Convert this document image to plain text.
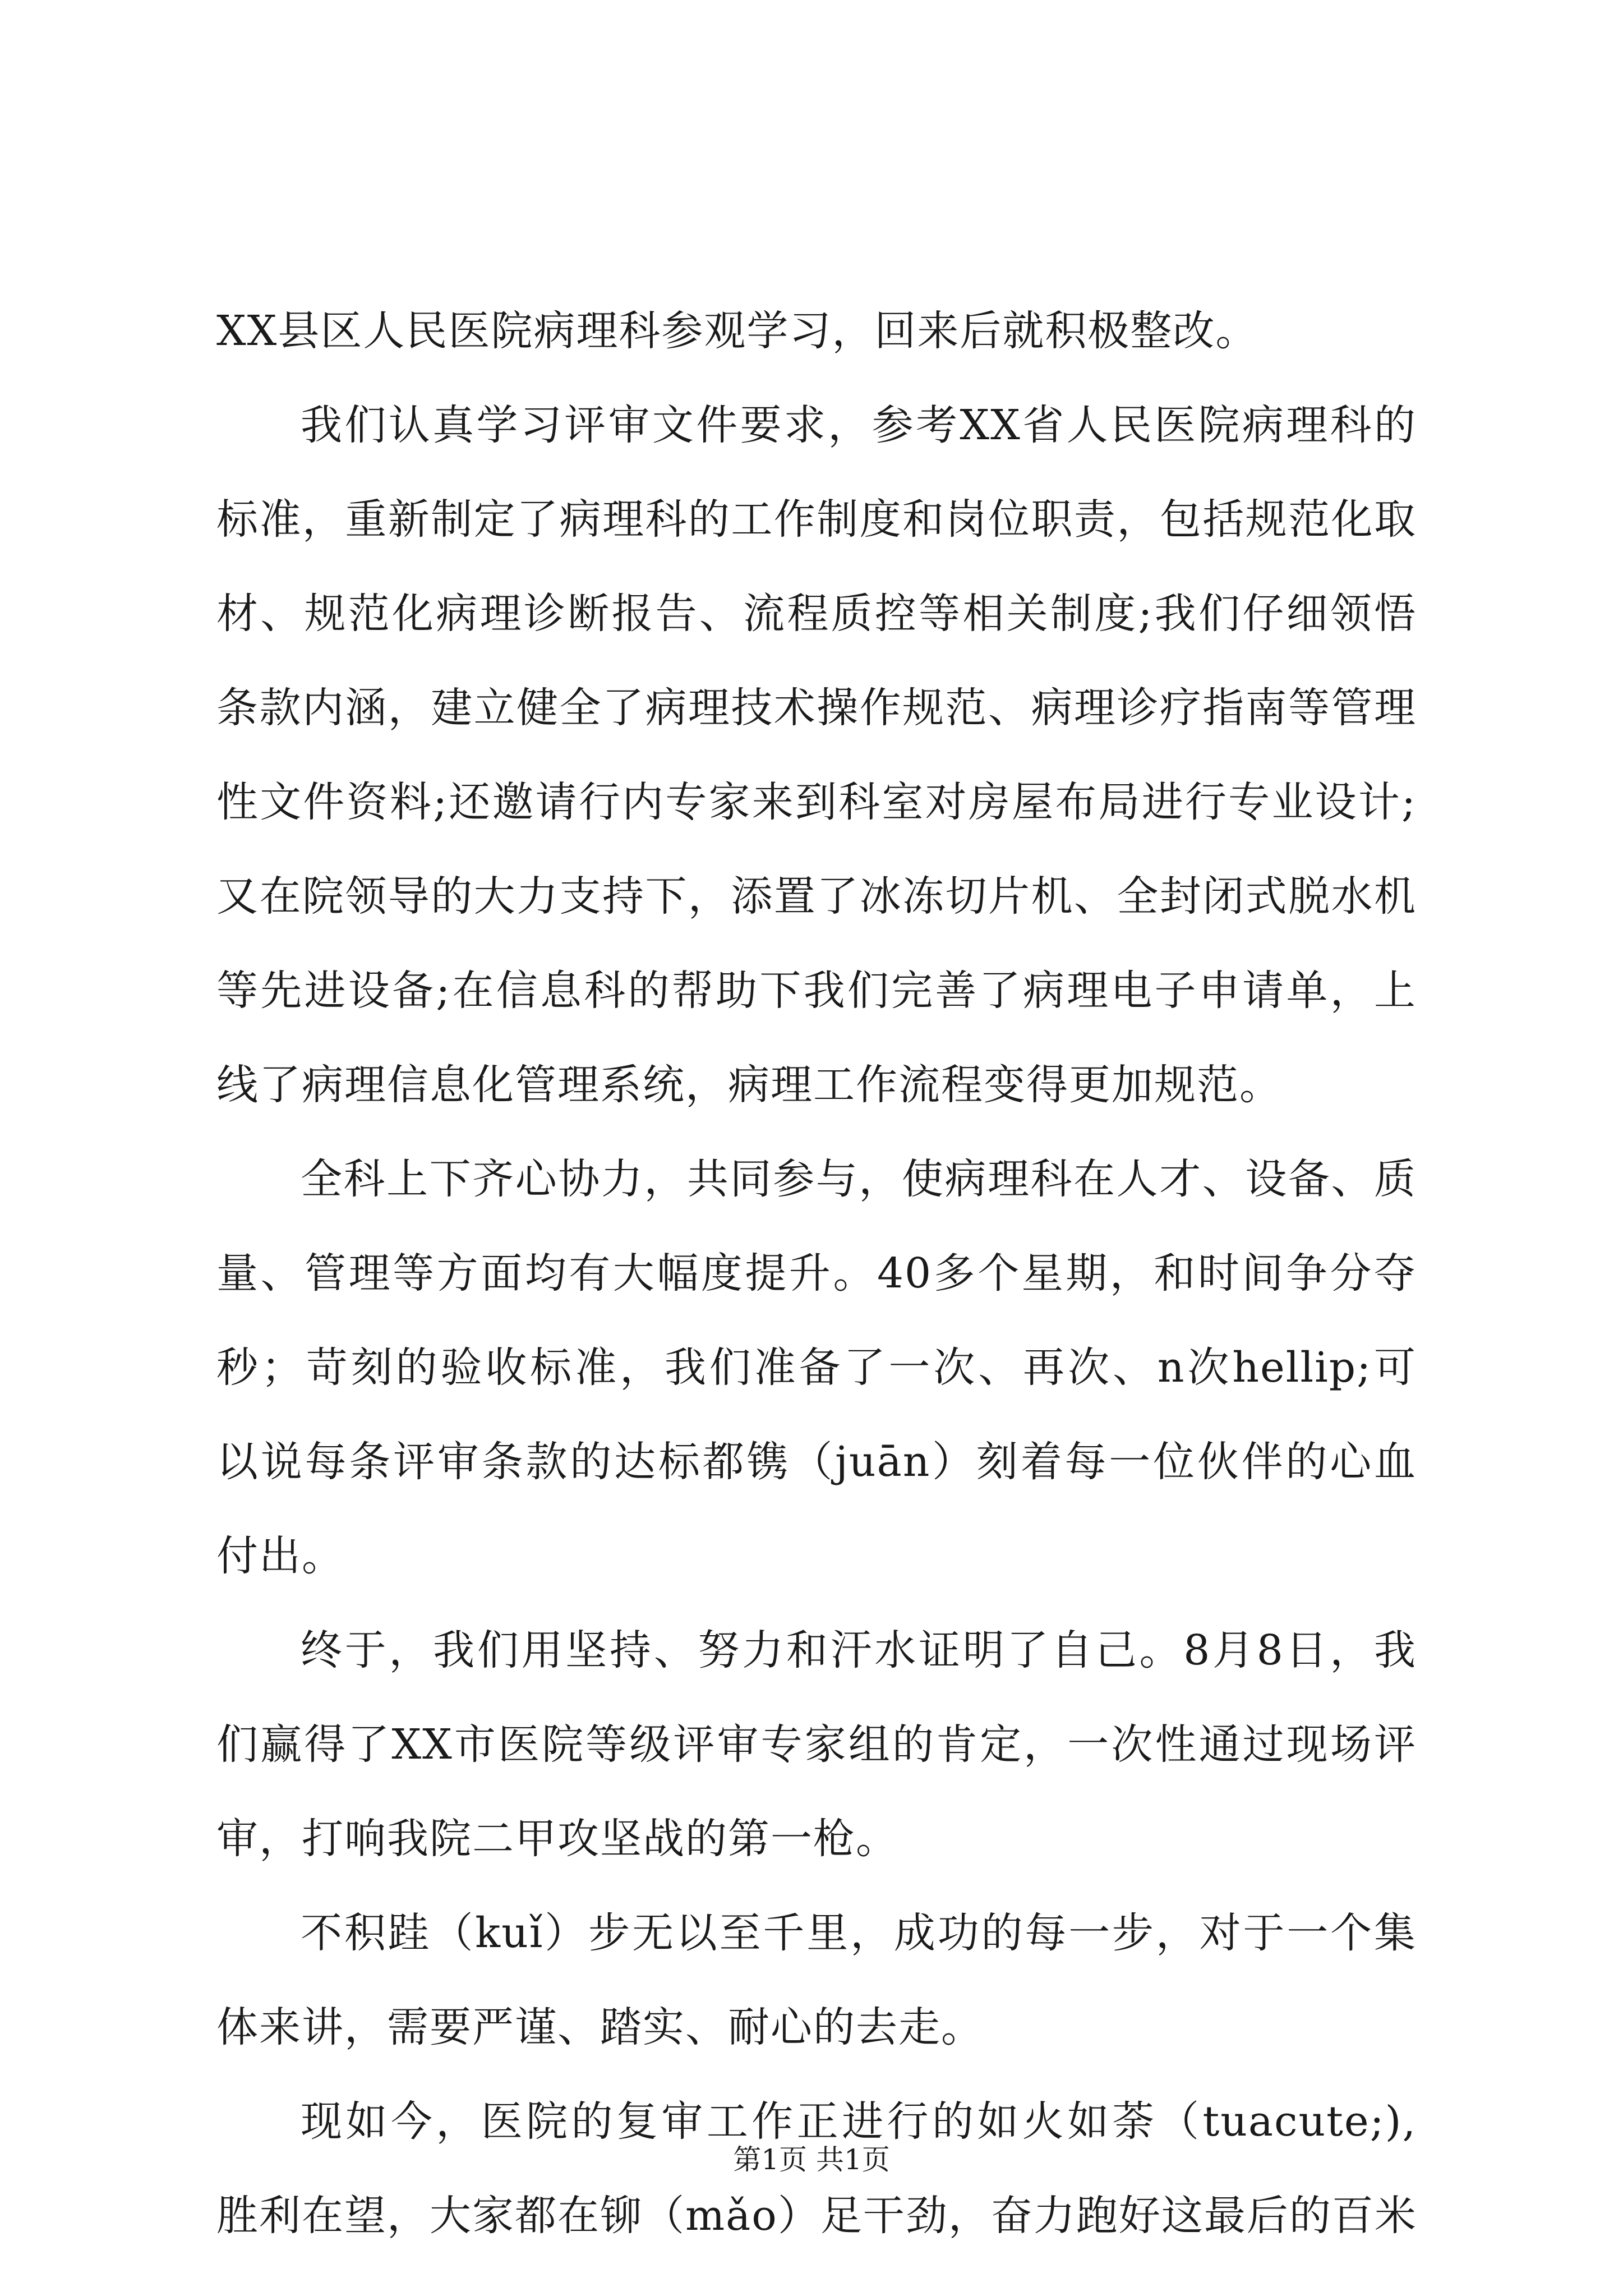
XX县区人民医院病理科参观学习，回来后就积极整改。
我们认真学习评审文件要求，参考XX省人民医院病理科的
标准，重新制定了病理科的工作制度和岗位职责，包括规范化取
材、规范化病理诊断报告、流程质控等相关制度;我们仔细领悟
条款内涵，建立健全了病理技术操作规范、病理诊疗指南等管理
性文件资料;还邀请行内专家来到科室对房屋布局进行专业设计;
又在院领导的大力支持下，添置了冰冻切片机、全封闭式脱水机
等先进设备;在信息科的帮助下我们完善了病理电子申请单，上
线了病理信息化管理系统，病理工作流程变得更加规范。
全科上下齐心协力，共同参与，使病理科在人才、设备、质
量、管理等方面均有大幅度提升。40多个星期，和时间争分夺
秒；苛刻的验收标准，我们准备了一次、再次、n次hellip;可
以说每条评审条款的达标都镌（juān）刻着每一位伙伴的心血
付出。
终于，我们用坚持、努力和汗水证明了自己。8月8日，我
们赢得了XX市医院等级评审专家组的肯定，一次性通过现场评
审，打响我院二甲攻坚战的第一枪。
不积跬（kuǐ）步无以至千里，成功的每一步，对于一个集
体来讲，需要严谨、踏实、耐心的去走。
现如今，医院的复审工作正进行的如火如荼（tuacute;),
胜利在望，大家都在铆（mǎo）足干劲，奋力跑好这最后的百米
第1页 共1页
